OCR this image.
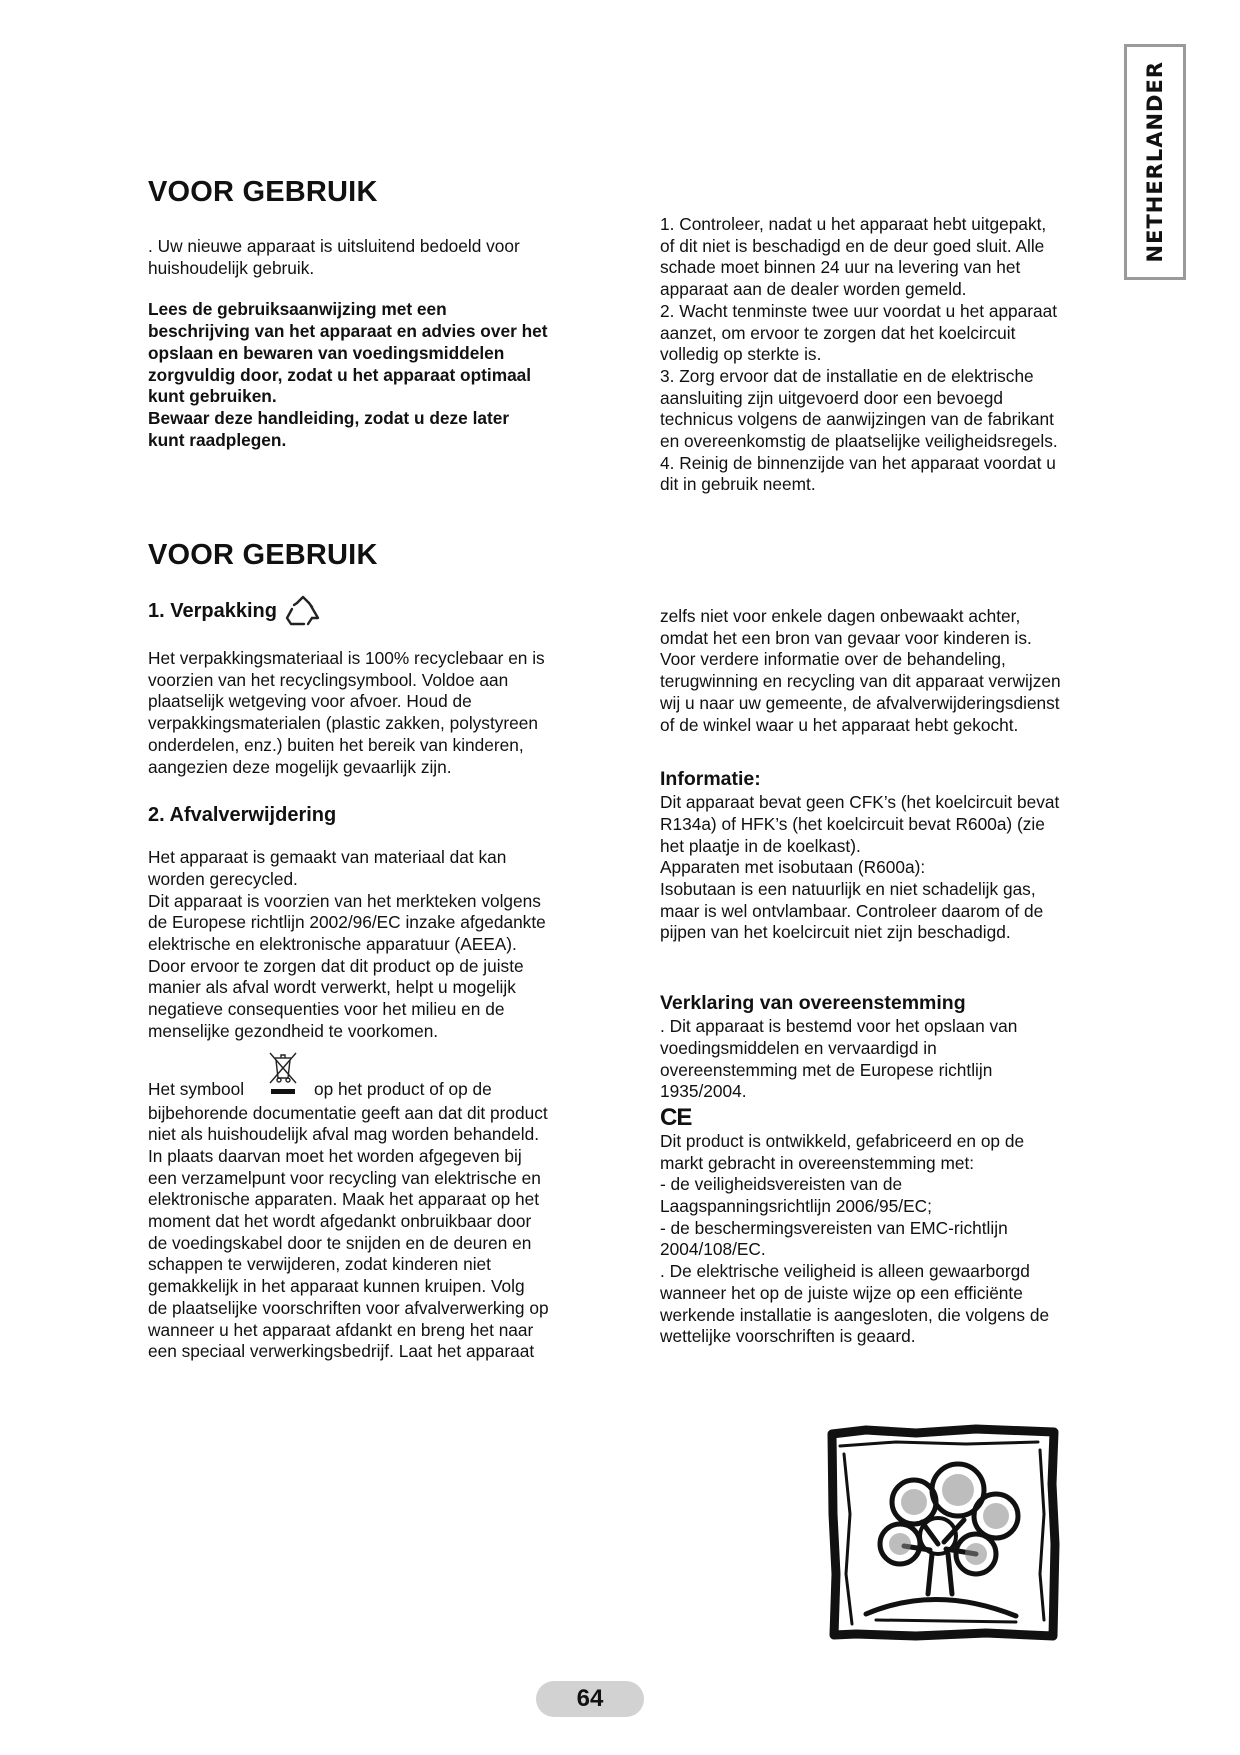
NETHERLANDER
VOOR GEBRUIK

. Uw nieuwe apparaat is uitsluitend bedoeld voor
huishoudelijk gebruik.

Lees de gebruiksaanwijzing met een
beschrijving van het apparaat en advies over het
opslaan en bewaren van voedingsmiddelen
zorgvuldig door, zodat u het apparaat optimaal
kunt gebruiken.
Bewaar deze handleiding, zodat u deze later
kunt raadplegen.

1. Controleer, nadat u het apparaat hebt uitgepakt,
of dit niet is beschadigd en de deur goed sluit. Alle
schade moet binnen 24 uur na levering van het
apparaat aan de dealer worden gemeld.
2. Wacht tenminste twee uur voordat u het apparaat
aanzet, om ervoor te zorgen dat het koelcircuit
volledig op sterkte is.
3. Zorg ervoor dat de installatie en de elektrische
aansluiting zijn uitgevoerd door een bevoegd
technicus volgens de aanwijzingen van de fabrikant
en overeenkomstig de plaatselijke veiligheidsregels.
4. Reinig de binnenzijde van het apparaat voordat u
dit in gebruik neemt.

VOOR GEBRUIK
1. Verpakking

Het verpakkingsmateriaal is 100% recyclebaar en is
voorzien van het recyclingsymbool. Voldoe aan
plaatselijk wetgeving voor afvoer. Houd de
verpakkingsmaterialen (plastic zakken, polystyreen
onderdelen, enz.) buiten het bereik van kinderen,
aangezien deze mogelijk gevaarlijk zijn.

2. Afvalverwijdering

Het apparaat is gemaakt van materiaal dat kan
worden gerecycled.
Dit apparaat is voorzien van het merkteken volgens
de Europese richtlijn 2002/96/EC inzake afgedankte
elektrische en elektronische apparatuur (AEEA).
Door ervoor te zorgen dat dit product op de juiste
manier als afval wordt verwerkt, helpt u mogelijk
negatieve consequenties voor het milieu en de
menselijke gezondheid te voorkomen.

Het symbool	op het product of op de

bijbehorende documentatie geeft aan dat dit product
niet als huishoudelijk afval mag worden behandeld.
In plaats daarvan moet het worden afgegeven bij
een verzamelpunt voor recycling van elektrische en
elektronische apparaten. Maak het apparaat op het
moment dat het wordt afgedankt onbruikbaar door
de voedingskabel door te snijden en de deuren en
schappen te verwijderen, zodat kinderen niet
gemakkelijk in het apparaat kunnen kruipen. Volg
de plaatselijke voorschriften voor afvalverwerking op
wanneer u het apparaat afdankt en breng het naar
een speciaal verwerkingsbedrijf. Laat het apparaat

zelfs niet voor enkele dagen onbewaakt achter,
omdat het een bron van gevaar voor kinderen is.
Voor verdere informatie over de behandeling,
terugwinning en recycling van dit apparaat verwijzen
wij u naar uw gemeente, de afvalverwijderingsdienst
of de winkel waar u het apparaat hebt gekocht.

Informatie:

Dit apparaat bevat geen CFK’s (het koelcircuit bevat
R134a) of HFK’s (het koelcircuit bevat R600a) (zie
het plaatje in de koelkast).
Apparaten met isobutaan (R600a):
Isobutaan is een natuurlijk en niet schadelijk gas,
maar is wel ontvlambaar. Controleer daarom of de
pijpen van het koelcircuit niet zijn beschadigd.

Verklaring van overeenstemming

. Dit apparaat is bestemd voor het opslaan van
voedingsmiddelen en vervaardigd in
overeenstemming met de Europese richtlijn
1935/2004.

CE

Dit product is ontwikkeld, gefabriceerd en op de
markt gebracht in overeenstemming met:
- de veiligheidsvereisten van de
Laagspanningsrichtlijn 2006/95/EC;
- de beschermingsvereisten van EMC-richtlijn
2004/108/EC.
. De elektrische veiligheid is alleen gewaarborgd
wanneer het op de juiste wijze op een efficiënte
werkende installatie is aangesloten, die volgens de
wettelijke voorschriften is geaard.

64
